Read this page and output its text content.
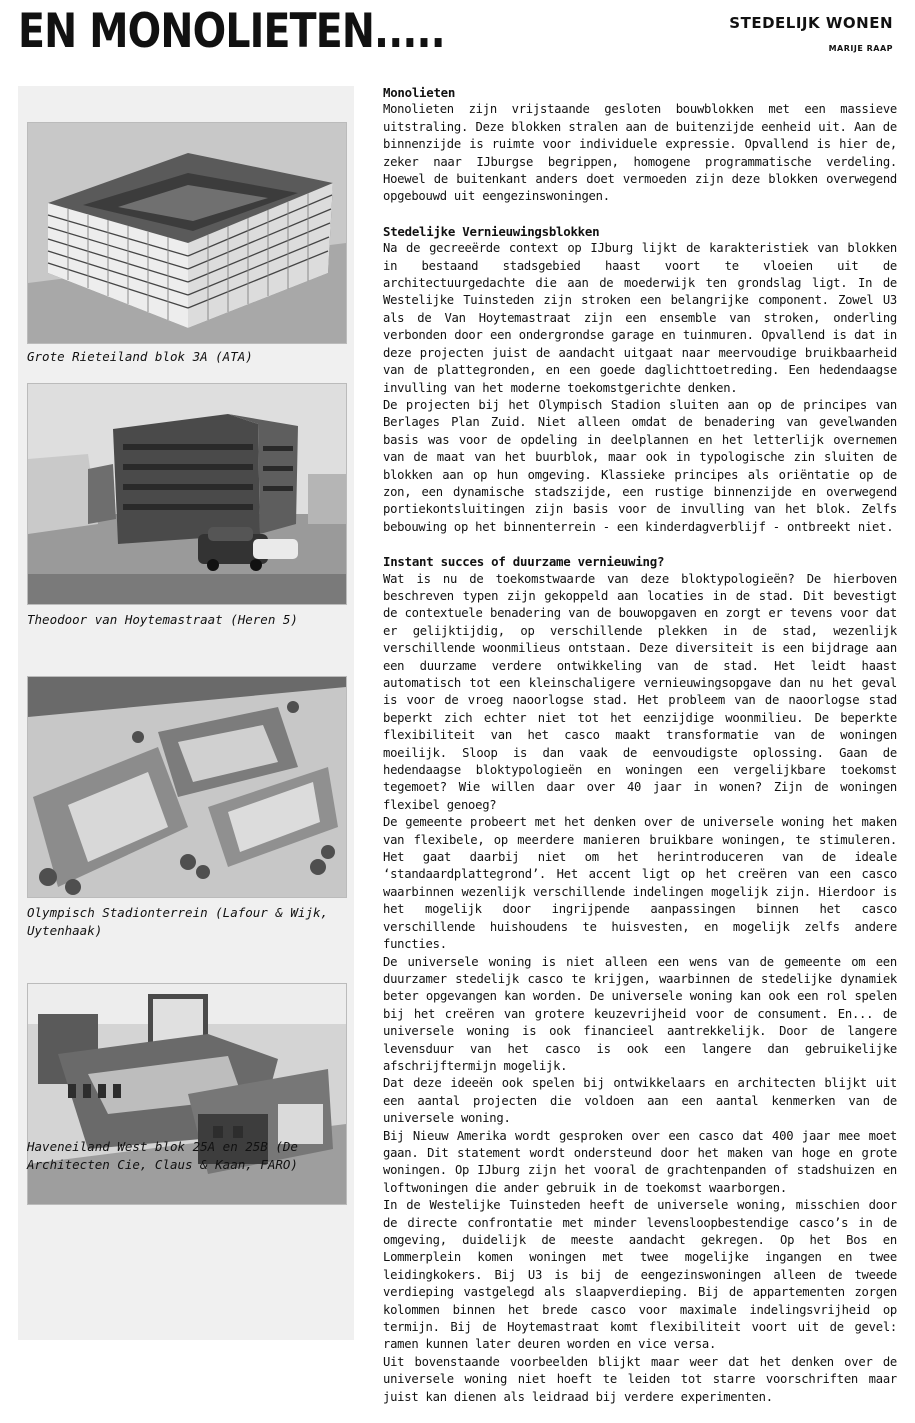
EN MONOLIETEN.....	STEDELIJK WONEN
MARIJE RAAP
Grote Rieteiland blok 3A (ATA)
Theodoor van Hoytemastraat (Heren 5)
Olympisch Stadionterrein (Lafour & Wijk, Uytenhaak)
Haveneiland West blok 25A en 25B (De Architecten Cie, Claus & Kaan, FARO)
Monolieten

Monolieten zijn vrijstaande gesloten bouwblokken met een massieve uitstraling. Deze blokken stralen aan de buitenzijde eenheid uit. Aan de binnenzijde is ruimte voor individuele expressie. Opvallend is hier de, zeker naar IJburgse begrippen, homogene programmatische verdeling. Hoewel de buitenkant anders doet vermoeden zijn deze blokken overwegend opgebouwd uit eengezinswoningen.

Stedelijke Vernieuwingsblokken

Na de gecreeërde context op IJburg lijkt de karakteristiek van blokken in bestaand stadsgebied haast voort te vloeien uit de architectuurgedachte die aan de moederwijk ten grondslag ligt. In de Westelijke Tuinsteden zijn stroken een belangrijke component. Zowel U3 als de Van Hoytemastraat zijn een ensemble van stroken, onderling verbonden door een ondergrondse garage en tuinmuren. Opvallend is dat in deze projecten juist de aandacht uitgaat naar meervoudige bruikbaarheid van de plattegronden, en een goede daglichttoetreding. Een hedendaagse invulling van het moderne toekomstgerichte denken.

De projecten bij het Olympisch Stadion sluiten aan op de principes van Berlages Plan Zuid. Niet alleen omdat de benadering van gevelwanden basis was voor de opdeling in deelplannen en het letterlijk overnemen van de maat van het buurblok, maar ook in typologische zin sluiten de blokken aan op hun omgeving. Klassieke principes als oriëntatie op de zon, een dynamische stadszijde, een rustige binnenzijde en overwegend portiekontsluitingen zijn basis voor de invulling van het blok. Zelfs bebouwing op het binnenterrein - een kinderdagverblijf - ontbreekt niet.

Instant succes of duurzame vernieuwing?

Wat is nu de toekomstwaarde van deze bloktypologieën? De hierboven beschreven typen zijn gekoppeld aan locaties in de stad. Dit bevestigt de contextuele benadering van de bouwopgaven en zorgt er tevens voor dat er gelijktijdig, op verschillende plekken in de stad, wezenlijk verschillende woonmilieus ontstaan. Deze diversiteit is een bijdrage aan een duurzame verdere ontwikkeling van de stad. Het leidt haast automatisch tot een kleinschaligere vernieuwingsopgave dan nu het geval is voor de vroeg naoorlogse stad. Het probleem van de naoorlogse stad beperkt zich echter niet tot het eenzijdige woonmilieu. De beperkte flexibiliteit van het casco maakt transformatie van de woningen moeilijk. Sloop is dan vaak de eenvoudigste oplossing. Gaan de hedendaagse bloktypologieën en woningen een vergelijkbare toekomst tegemoet? Wie willen daar over 40 jaar in wonen? Zijn de woningen flexibel genoeg?

De gemeente probeert met het denken over de universele woning het maken van flexibele, op meerdere manieren bruikbare woningen, te stimuleren. Het gaat daarbij niet om het herintroduceren van de ideale ‘standaardplattegrond’. Het accent ligt op het creëren van een casco waarbinnen wezenlijk verschillende indelingen mogelijk zijn. Hierdoor is het mogelijk door ingrijpende aanpassingen binnen het casco verschillende huishoudens te huisvesten, en mogelijk zelfs andere functies.

De universele woning is niet alleen een wens van de gemeente om een duurzamer stedelijk casco te krijgen, waarbinnen de stedelijke dynamiek beter opgevangen kan worden. De universele woning kan ook een rol spelen bij het creëren van grotere keuzevrijheid voor de consument. En... de universele woning is ook financieel aantrekkelijk. Door de langere levensduur van het casco is ook een langere dan gebruikelijke afschrijftermijn mogelijk.

Dat deze ideeën ook spelen bij ontwikkelaars en architecten blijkt uit een aantal projecten die voldoen aan een aantal kenmerken van de universele woning.

Bij Nieuw Amerika wordt gesproken over een casco dat 400 jaar mee moet gaan. Dit statement wordt ondersteund door het maken van hoge en grote woningen. Op IJburg zijn het vooral de grachtenpanden of stadshuizen en loftwoningen die ander gebruik in de toekomst waarborgen.

In de Westelijke Tuinsteden heeft de universele woning, misschien door de directe confrontatie met minder levensloopbestendige casco’s in de omgeving, duidelijk de meeste aandacht gekregen. Op het Bos en Lommerplein komen woningen met twee mogelijke ingangen en twee leidingkokers. Bij U3 is bij de eengezinswoningen alleen de tweede verdieping vastgelegd als slaapverdieping. Bij de appartementen zorgen kolommen binnen het brede casco voor maximale indelingsvrijheid op termijn. Bij de Hoytemastraat komt flexibiliteit voort uit de gevel: ramen kunnen later deuren worden en vice versa.

Uit bovenstaande voorbeelden blijkt maar weer dat het denken over de universele woning niet hoeft te leiden tot starre voorschriften maar juist kan dienen als leidraad bij verdere experimenten.
